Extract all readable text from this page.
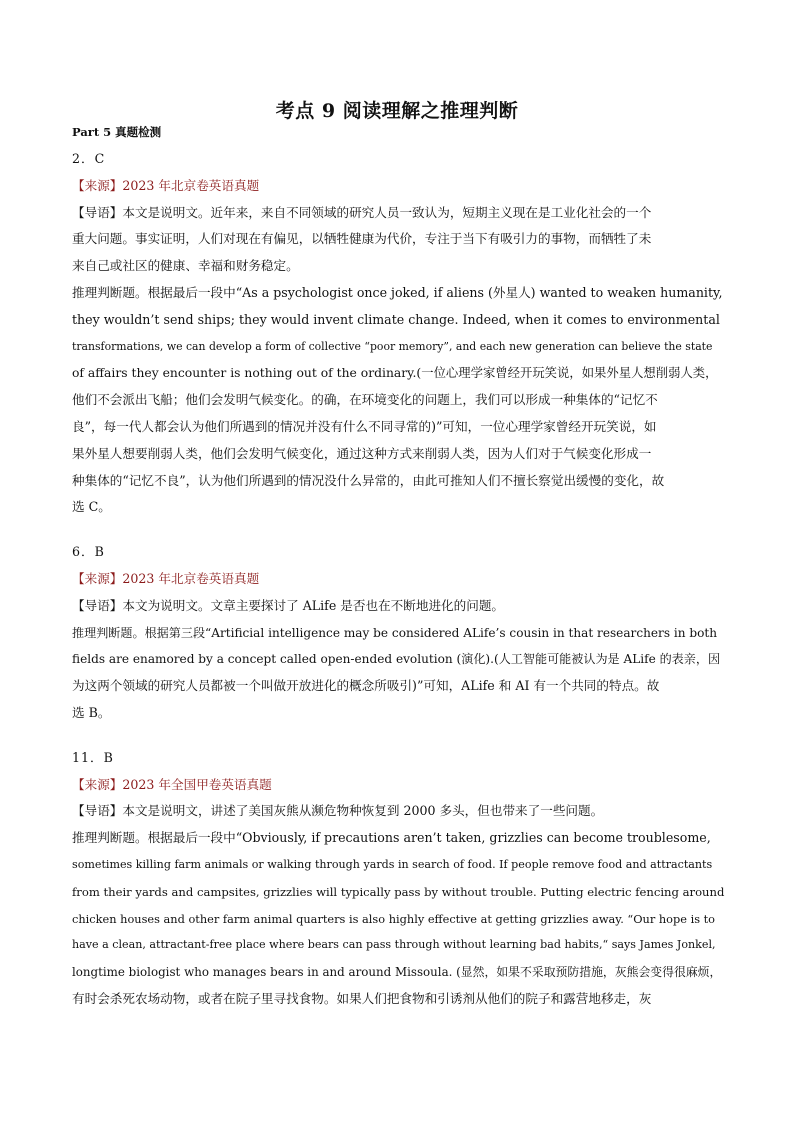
考点 9 阅读理解之推理判断
Part 5 真题检测
2．C
【来源】2023 年北京卷英语真题
【导语】本文是说明文。近年来，来自不同领域的研究人员一致认为，短期主义现在是工业化社会的一个
重大问题。事实证明，人们对现在有偏见，以牺牲健康为代价，专注于当下有吸引力的事物，而牺牲了未
来自己或社区的健康、幸福和财务稳定。
推理判断题。根据最后一段中“As a psychologist once joked, if aliens (外星人) wanted to weaken humanity,
they wouldn’t send ships; they would invent climate change. Indeed, when it comes to environmental
transformations, we can develop a form of collective “poor memory”, and each new generation can believe the state
of affairs they encounter is nothing out of the ordinary.(一位心理学家曾经开玩笑说，如果外星人想削弱人类，
他们不会派出飞船；他们会发明气候变化。的确，在环境变化的问题上，我们可以形成一种集体的“记忆不
良”，每一代人都会认为他们所遇到的情况并没有什么不同寻常的)”可知，一位心理学家曾经开玩笑说，如
果外星人想要削弱人类，他们会发明气候变化，通过这种方式来削弱人类，因为人们对于气候变化形成一
种集体的“记忆不良”，认为他们所遇到的情况没什么异常的，由此可推知人们不擅长察觉出缓慢的变化，故
选 C。
6．B
【来源】2023 年北京卷英语真题
【导语】本文为说明文。文章主要探讨了 ALife 是否也在不断地进化的问题。
推理判断题。根据第三段“Artificial intelligence may be considered ALife’s cousin in that researchers in both
fields are enamored by a concept called open-ended evolution (演化).(人工智能可能被认为是 ALife 的表亲，因
为这两个领域的研究人员都被一个叫做开放进化的概念所吸引)”可知，ALife 和 AI 有一个共同的特点。故
选 B。
11．B
【来源】2023 年全国甲卷英语真题
【导语】本文是说明文，讲述了美国灰熊从濒危物种恢复到 2000 多头，但也带来了一些问题。
推理判断题。根据最后一段中“Obviously, if precautions aren’t taken, grizzlies can become troublesome,
sometimes killing farm animals or walking through yards in search of food. If people remove food and attractants
from their yards and campsites, grizzlies will typically pass by without trouble. Putting electric fencing around
chicken houses and other farm animal quarters is also highly effective at getting grizzlies away. “Our hope is to
have a clean, attractant-free place where bears can pass through without learning bad habits,“ says James Jonkel,
longtime biologist who manages bears in and around Missoula. (显然，如果不采取预防措施，灰熊会变得很麻烦，
有时会杀死农场动物，或者在院子里寻找食物。如果人们把食物和引诱剂从他们的院子和露营地移走，灰
